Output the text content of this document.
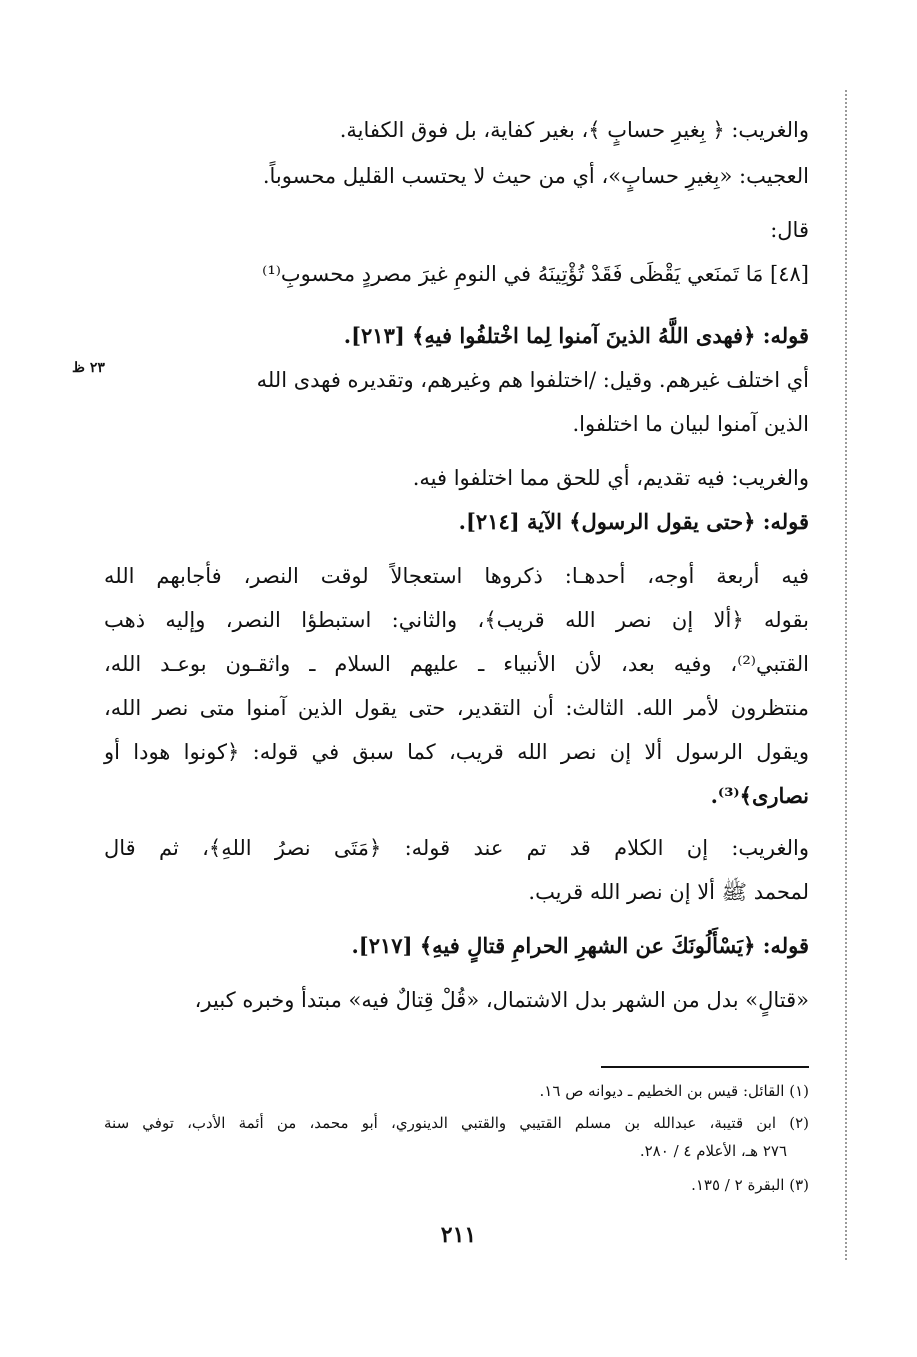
والغريب: ﴿ بِغيرِ حسابٍ ﴾، بغير كفاية، بل فوق الكفاية.
العجيب: «بِغيرِ حسابٍ»، أي من حيث لا يحتسب القليل محسوباً.
قال:
[٤٨] مَا تَمنَعي يَقْظَى فَقَدْ تُؤْتِينَهُ في النومِ غيرَ مصردٍ محسوبِ⁽¹⁾
قوله: ﴿فهدى اللَّهُ الذينَ آمنوا لِما اخْتلفُوا فيهِ﴾ [٢١٣].
أي اختلف غيرهم. وقيل: /اختلفوا هم وغيرهم، وتقديره فهدى الله
٢٣ ظ
الذين آمنوا لبيان ما اختلفوا.
والغريب: فيه تقديم، أي للحق مما اختلفوا فيه.
قوله: ﴿حتى يقول الرسول﴾ الآية [٢١٤].
فيه أربعة أوجه، أحدهـا: ذكروها استعجالاً لوقت النصر، فأجابهم الله
بقوله ﴿ألا إن نصر الله قريب﴾، والثاني: استبطؤا النصر، وإليه ذهب
القتبي⁽²⁾، وفيه بعد، لأن الأنبياء ـ عليهم السلام ـ واثقـون بوعـد الله،
منتظرون لأمر الله. الثالث: أن التقدير، حتى يقول الذين آمنوا متى نصر الله،
ويقول الرسول ألا إن نصر الله قريب، كما سبق في قوله: ﴿كونوا هودا أو
نصارى﴾⁽³⁾.
والغريب: إن الكلام قد تم عند قوله: ﴿مَتَى نصرُ اللهِ﴾، ثم قال
لمحمد ﷺ ألا إن نصر الله قريب.
قوله: ﴿يَسْأَلُونَكَ عن الشهرِ الحرامِ قتالٍ فيهِ﴾ [٢١٧].
«قتالٍ» بدل من الشهر بدل الاشتمال، «قُلْ قِتالٌ فيه» مبتدأ وخبره كبير،
(١) القائل: قيس بن الخطيم ـ ديوانه ص ١٦.
(٢) ابن قتيبة، عبدالله بن مسلم القتيبي والقتبي الدينوري، أبو محمد، من أئمة الأدب، توفي سنة
٢٧٦ هـ، الأعلام ٤ / ٢٨٠.
(٣) البقرة ٢ / ١٣٥.
٢١١
